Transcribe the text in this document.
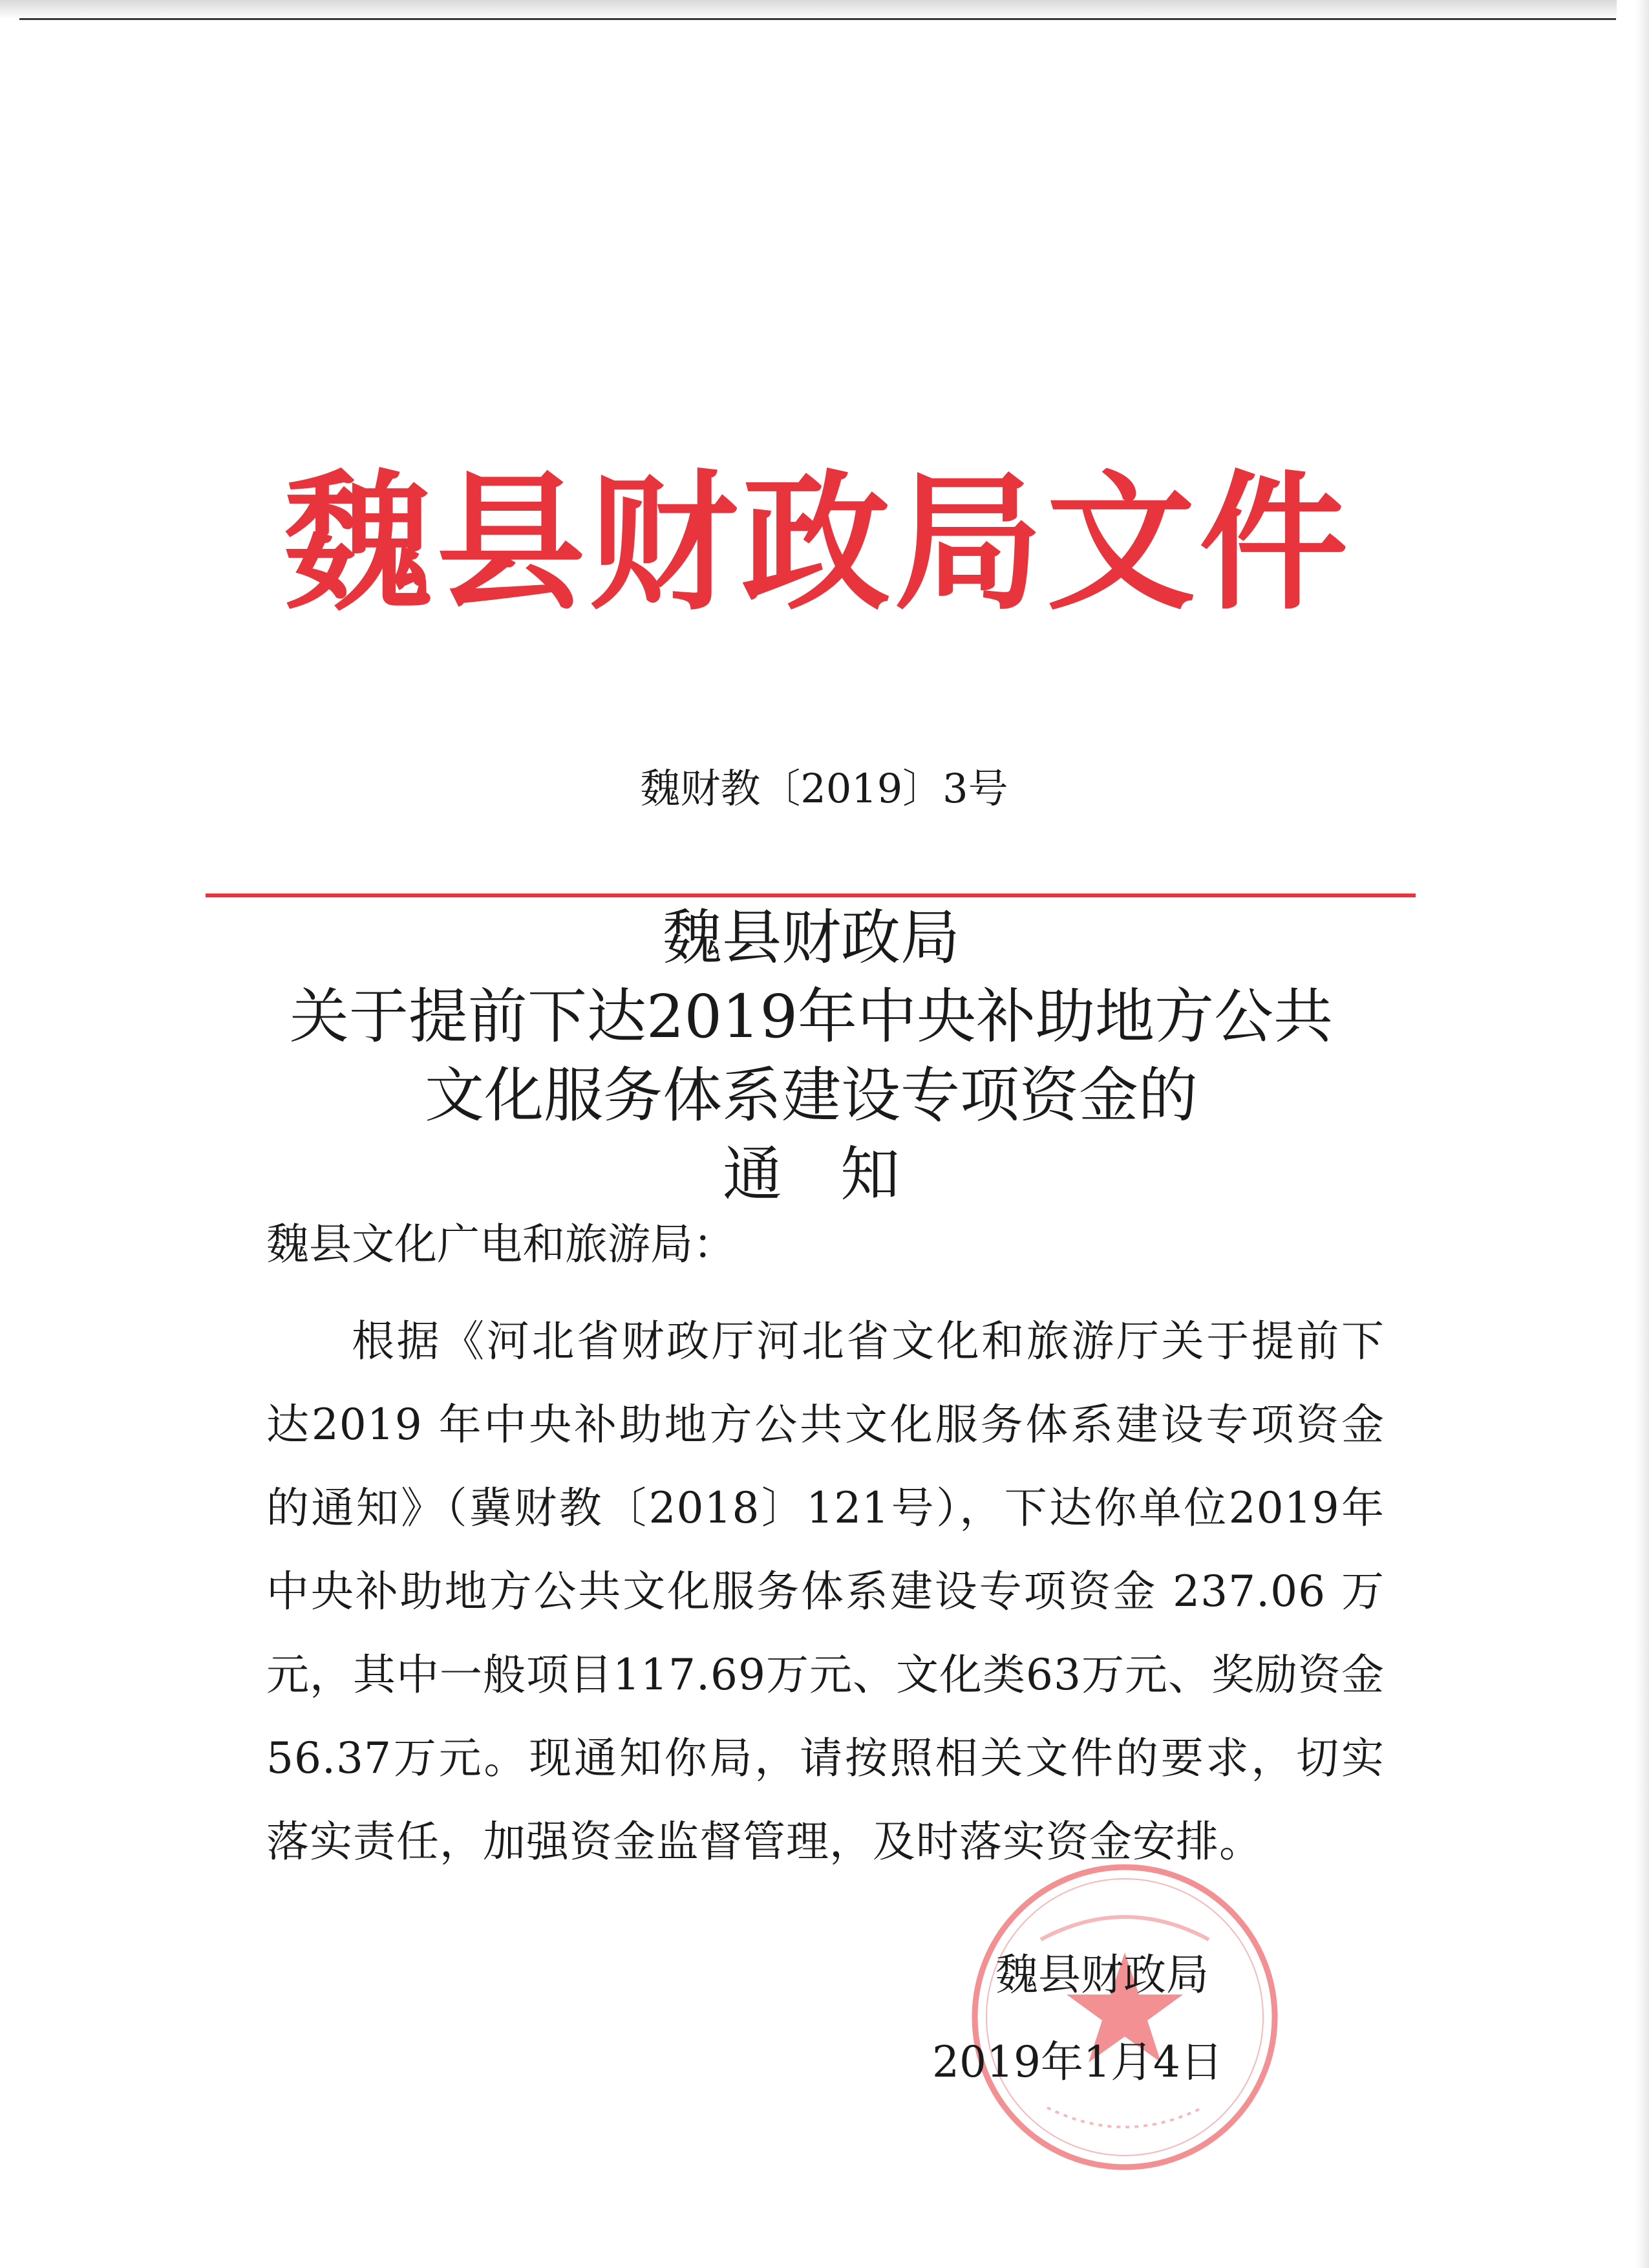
魏县财政局文件
魏财教〔2019〕3号
魏县财政局
关于提前下达2019年中央补助地方公共
文化服务体系建设专项资金的
通知
魏县文化广电和旅游局：
根据《河北省财政厅河北省文化和旅游厅关于提前下达2019 年中央补助地方公共文化服务体系建设专项资金的通知》（冀财教〔2018〕121号），下达你单位2019年中央补助地方公共文化服务体系建设专项资金 237.06 万元，其中一般项目117.69万元、文化类63万元、奖励资金56.37万元。现通知你局，请按照相关文件的要求，切实落实责任，加强资金监督管理，及时落实资金安排。
魏县财政局
2019年1月4日
